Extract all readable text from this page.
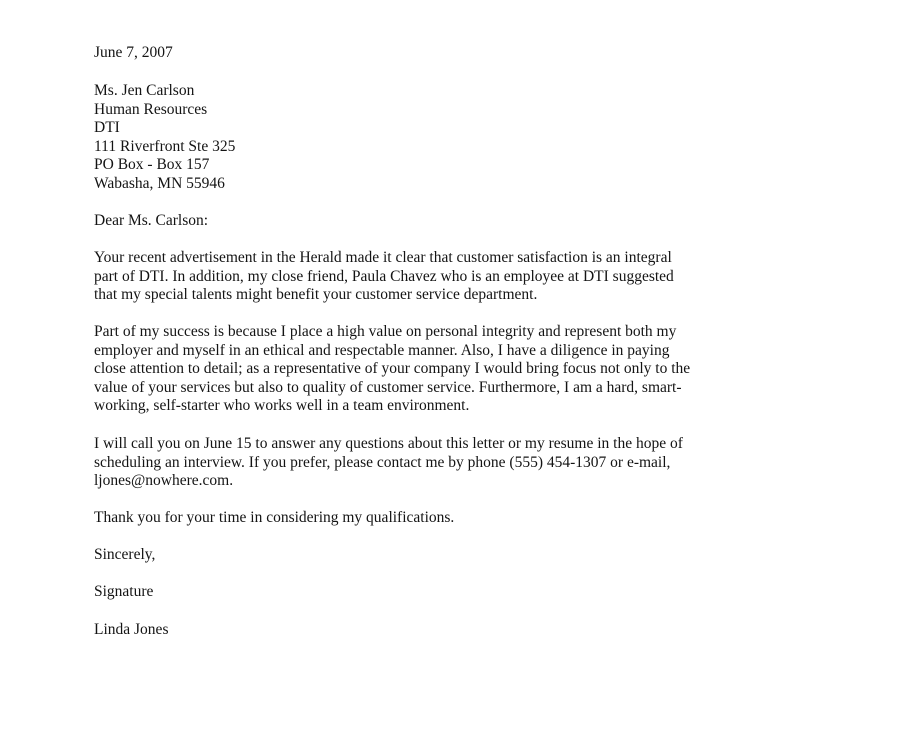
June 7, 2007
Ms. Jen Carlson
Human Resources
DTI
111 Riverfront Ste 325
PO Box - Box 157
Wabasha, MN 55946
Dear Ms. Carlson:
Your recent advertisement in the Herald made it clear that customer satisfaction is an integral
part of DTI. In addition, my close friend, Paula Chavez who is an employee at DTI suggested
that my special talents might benefit your customer service department.
Part of my success is because I place a high value on personal integrity and represent both my
employer and myself in an ethical and respectable manner. Also, I have a diligence in paying
close attention to detail; as a representative of your company I would bring focus not only to the
value of your services but also to quality of customer service. Furthermore, I am a hard, smart-
working, self-starter who works well in a team environment.
I will call you on June 15 to answer any questions about this letter or my resume in the hope of
scheduling an interview. If you prefer, please contact me by phone (555) 454-1307 or e-mail,
ljones@nowhere.com.
Thank you for your time in considering my qualifications.
Sincerely,
Signature
Linda Jones
